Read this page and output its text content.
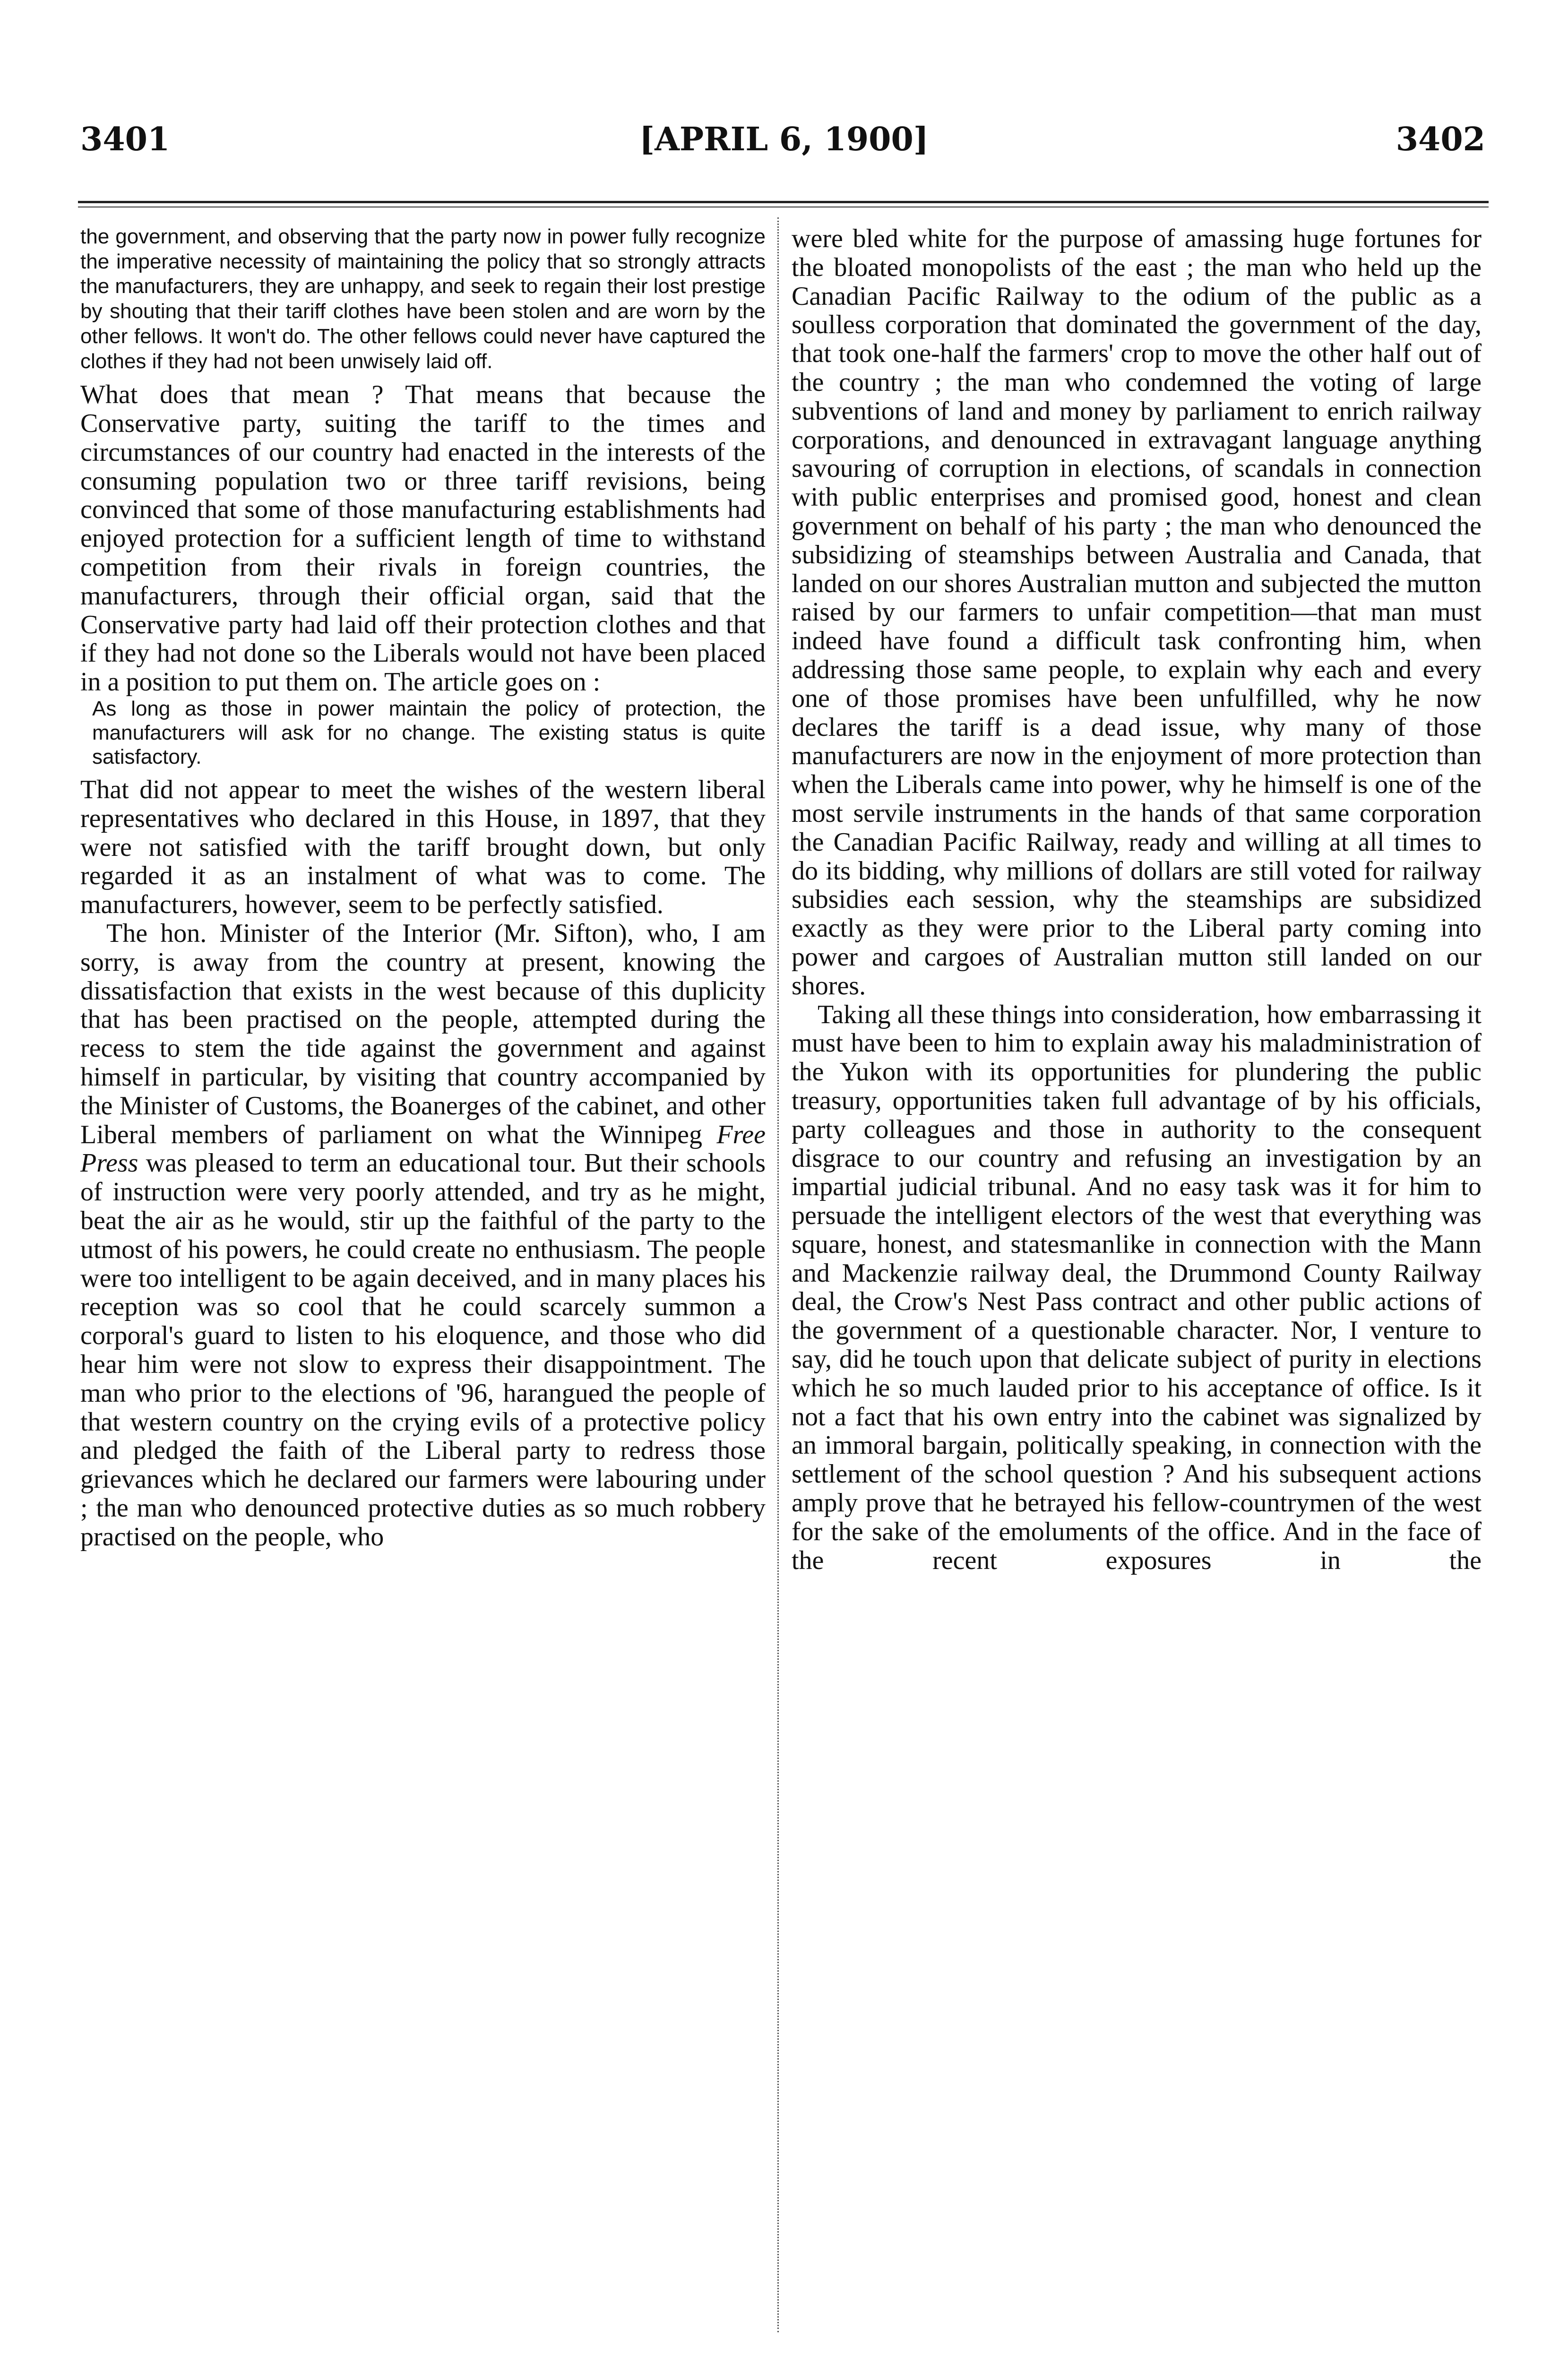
3401	[APRIL 6, 1900]	3402

the government, and observing that the party now in power fully recognize the imperative necessity of maintaining the policy that so strongly attracts the manufacturers, they are unhappy, and seek to regain their lost prestige by shouting that their tariff clothes have been stolen and are worn by the other fellows. It won't do. The other fellows could never have captured the clothes if they had not been unwisely laid off.

What does that mean ? That means that because the Conservative party, suiting the tariff to the times and circumstances of our country had enacted in the interests of the consuming population two or three tariff revisions, being convinced that some of those manufacturing establishments had enjoyed protection for a sufficient length of time to withstand competition from their rivals in foreign countries, the manufacturers, through their official organ, said that the Conservative party had laid off their protection clothes and that if they had not done so the Liberals would not have been placed in a position to put them on. The article goes on :

As long as those in power maintain the policy of protection, the manufacturers will ask for no change. The existing status is quite satisfactory.

That did not appear to meet the wishes of the western liberal representatives who declared in this House, in 1897, that they were not satisfied with the tariff brought down, but only regarded it as an instalment of what was to come. The manufacturers, however, seem to be perfectly satisfied.

The hon. Minister of the Interior (Mr. Sifton), who, I am sorry, is away from the country at present, knowing the dissatisfaction that exists in the west because of this duplicity that has been practised on the people, attempted during the recess to stem the tide against the government and against himself in particular, by visiting that country accompanied by the Minister of Customs, the Boanerges of the cabinet, and other Liberal members of parliament on what the Winnipeg Free Press was pleased to term an educational tour. But their schools of instruction were very poorly attended, and try as he might, beat the air as he would, stir up the faithful of the party to the utmost of his powers, he could create no enthusiasm. The people were too intelligent to be again deceived, and in many places his reception was so cool that he could scarcely summon a corporal's guard to listen to his eloquence, and those who did hear him were not slow to express their disappointment. The man who prior to the elections of '96, harangued the people of that western country on the crying evils of a protective policy and pledged the faith of the Liberal party to redress those grievances which he declared our farmers were labouring under ; the man who denounced protective duties as so much robbery practised on the people, who

were bled white for the purpose of amassing huge fortunes for the bloated monopolists of the east ; the man who held up the Canadian Pacific Railway to the odium of the public as a soulless corporation that dominated the government of the day, that took one-half the farmers' crop to move the other half out of the country ; the man who condemned the voting of large subventions of land and money by parliament to enrich railway corporations, and denounced in extravagant language anything savouring of corruption in elections, of scandals in connection with public enterprises and promised good, honest and clean government on behalf of his party ; the man who denounced the subsidizing of steamships between Australia and Canada, that landed on our shores Australian mutton and subjected the mutton raised by our farmers to unfair competition—that man must indeed have found a difficult task confronting him, when addressing those same people, to explain why each and every one of those promises have been unfulfilled, why he now declares the tariff is a dead issue, why many of those manufacturers are now in the enjoyment of more protection than when the Liberals came into power, why he himself is one of the most servile instruments in the hands of that same corporation the Canadian Pacific Railway, ready and willing at all times to do its bidding, why millions of dollars are still voted for railway subsidies each session, why the steamships are subsidized exactly as they were prior to the Liberal party coming into power and cargoes of Australian mutton still landed on our shores.

Taking all these things into consideration, how embarrassing it must have been to him to explain away his maladministration of the Yukon with its opportunities for plundering the public treasury, opportunities taken full advantage of by his officials, party colleagues and those in authority to the consequent disgrace to our country and refusing an investigation by an impartial judicial tribunal. And no easy task was it for him to persuade the intelligent electors of the west that everything was square, honest, and statesmanlike in connection with the Mann and Mackenzie railway deal, the Drummond County Railway deal, the Crow's Nest Pass contract and other public actions of the government of a questionable character. Nor, I venture to say, did he touch upon that delicate subject of purity in elections which he so much lauded prior to his acceptance of office. Is it not a fact that his own entry into the cabinet was signalized by an immoral bargain, politically speaking, in connection with the settlement of the school question ? And his subsequent actions amply prove that he betrayed his fellow-countrymen of the west for the sake of the emoluments of the office. And in the face of the recent exposures in the
